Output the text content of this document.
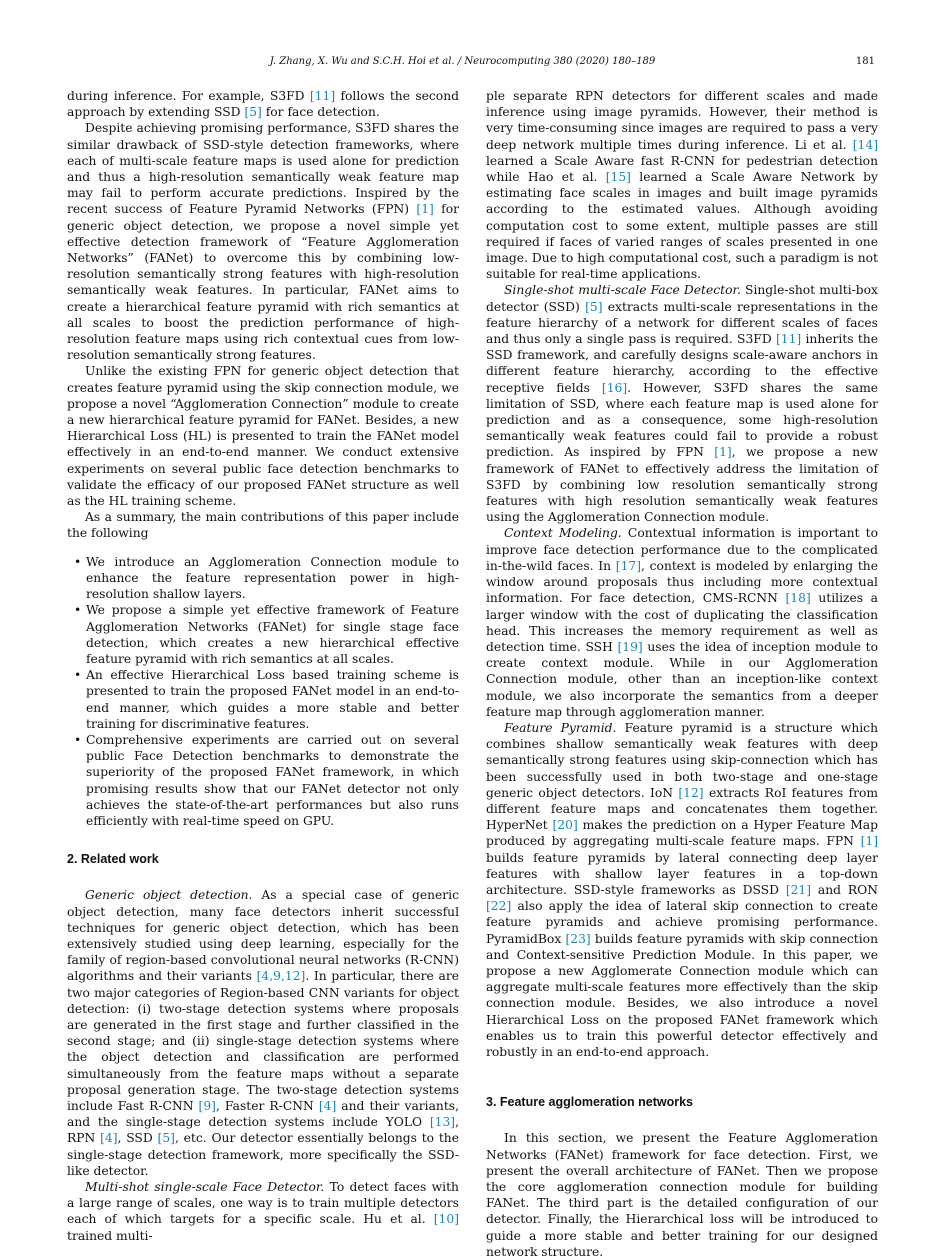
J. Zhang, X. Wu and S.C.H. Hoi et al. / Neurocomputing 380 (2020) 180–189	181

during inference. For example, S3FD [11] follows the second approach by extending SSD [5] for face detection.

Despite achieving promising performance, S3FD shares the similar drawback of SSD-style detection frameworks, where each of multi-scale feature maps is used alone for prediction and thus a high-resolution semantically weak feature map may fail to perform accurate predictions. Inspired by the recent success of Feature Pyramid Networks (FPN) [1] for generic object detection, we propose a novel simple yet effective detection framework of “Feature Agglomeration Networks” (FANet) to overcome this by combining low-resolution semantically strong features with high-resolution semantically weak features. In particular, FANet aims to create a hierarchical feature pyramid with rich semantics at all scales to boost the prediction performance of high-resolution feature maps using rich contextual cues from low-resolution semantically strong features.

Unlike the existing FPN for generic object detection that creates feature pyramid using the skip connection module, we propose a novel “Agglomeration Connection” module to create a new hierarchical feature pyramid for FANet. Besides, a new Hierarchical Loss (HL) is presented to train the FANet model effectively in an end-to-end manner. We conduct extensive experiments on several public face detection benchmarks to validate the efficacy of our proposed FANet structure as well as the HL training scheme.

As a summary, the main contributions of this paper include the following

• We introduce an Agglomeration Connection module to enhance the feature representation power in high-resolution shallow layers.
• We propose a simple yet effective framework of Feature Agglomeration Networks (FANet) for single stage face detection, which creates a new hierarchical effective feature pyramid with rich semantics at all scales.
• An effective Hierarchical Loss based training scheme is presented to train the proposed FANet model in an end-to-end manner, which guides a more stable and better training for discriminative features.
• Comprehensive experiments are carried out on several public Face Detection benchmarks to demonstrate the superiority of the proposed FANet framework, in which promising results show that our FANet detector not only achieves the state-of-the-art performances but also runs efficiently with real-time speed on GPU.
2. Related work

Generic object detection. As a special case of generic object detection, many face detectors inherit successful techniques for generic object detection, which has been extensively studied using deep learning, especially for the family of region-based convolutional neural networks (R-CNN) algorithms and their variants [4,9,12]. In particular, there are two major categories of Region-based CNN variants for object detection: (i) two-stage detection systems where proposals are generated in the first stage and further classified in the second stage; and (ii) single-stage detection systems where the object detection and classification are performed simultaneously from the feature maps without a separate proposal generation stage. The two-stage detection systems include Fast R-CNN [9], Faster R-CNN [4] and their variants, and the single-stage detection systems include YOLO [13], RPN [4], SSD [5], etc. Our detector essentially belongs to the single-stage detection framework, more specifically the SSD-like detector.

Multi-shot single-scale Face Detector. To detect faces with a large range of scales, one way is to train multiple detectors each of which targets for a specific scale. Hu et al. [10] trained multi-

ple separate RPN detectors for different scales and made inference using image pyramids. However, their method is very time-consuming since images are required to pass a very deep network multiple times during inference. Li et al. [14] learned a Scale Aware fast R-CNN for pedestrian detection while Hao et al. [15] learned a Scale Aware Network by estimating face scales in images and built image pyramids according to the estimated values. Although avoiding computation cost to some extent, multiple passes are still required if faces of varied ranges of scales presented in one image. Due to high computational cost, such a paradigm is not suitable for real-time applications.

Single-shot multi-scale Face Detector. Single-shot multi-box detector (SSD) [5] extracts multi-scale representations in the feature hierarchy of a network for different scales of faces and thus only a single pass is required. S3FD [11] inherits the SSD framework, and carefully designs scale-aware anchors in different feature hierarchy, according to the effective receptive fields [16]. However, S3FD shares the same limitation of SSD, where each feature map is used alone for prediction and as a consequence, some high-resolution semantically weak features could fail to provide a robust prediction. As inspired by FPN [1], we propose a new framework of FANet to effectively address the limitation of S3FD by combining low resolution semantically strong features with high resolution semantically weak features using the Agglomeration Connection module.

Context Modeling. Contextual information is important to improve face detection performance due to the complicated in-the-wild faces. In [17], context is modeled by enlarging the window around proposals thus including more contextual information. For face detection, CMS-RCNN [18] utilizes a larger window with the cost of duplicating the classification head. This increases the memory requirement as well as detection time. SSH [19] uses the idea of inception module to create context module. While in our Agglomeration Connection module, other than an inception-like context module, we also incorporate the semantics from a deeper feature map through agglomeration manner.

Feature Pyramid. Feature pyramid is a structure which combines shallow semantically weak features with deep semantically strong features using skip-connection which has been successfully used in both two-stage and one-stage generic object detectors. IoN [12] extracts RoI features from different feature maps and concatenates them together. HyperNet [20] makes the prediction on a Hyper Feature Map produced by aggregating multi-scale feature maps. FPN [1] builds feature pyramids by lateral connecting deep layer features with shallow layer features in a top-down architecture. SSD-style frameworks as DSSD [21] and RON [22] also apply the idea of lateral skip connection to create feature pyramids and achieve promising performance. PyramidBox [23] builds feature pyramids with skip connection and Context-sensitive Prediction Module. In this paper, we propose a new Agglomerate Connection module which can aggregate multi-scale features more effectively than the skip connection module. Besides, we also introduce a novel Hierarchical Loss on the proposed FANet framework which enables us to train this powerful detector effectively and robustly in an end-to-end approach.

3. Feature agglomeration networks

In this section, we present the Feature Agglomeration Networks (FANet) framework for face detection. First, we present the overall architecture of FANet. Then we propose the core agglomeration connection module for building FANet. The third part is the detailed configuration of our detector. Finally, the Hierarchical loss will be introduced to guide a more stable and better training for our designed network structure.
